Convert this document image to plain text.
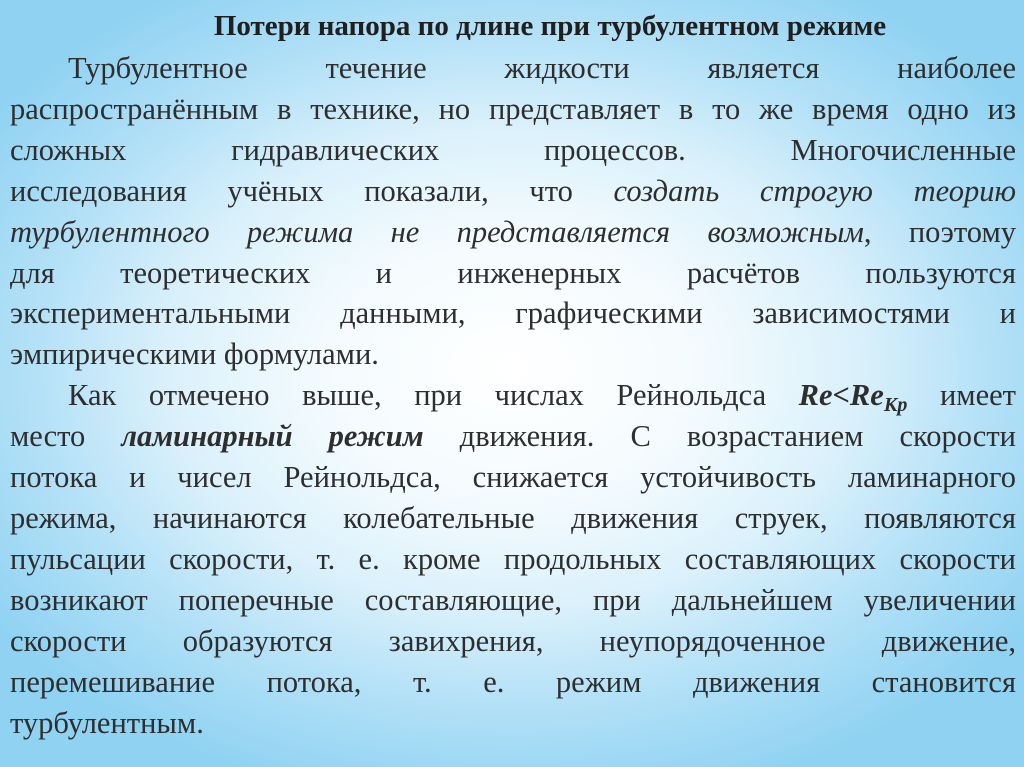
Потери напора по длине при турбулентном режиме
Турбулентное течение жидкости является наиболее
распространённым в технике, но представляет в то же время одно из
сложных гидравлических процессов. Многочисленные
исследования учёных показали, что создать строгую теорию
турбулентного режима не представляется возможным, поэтому
для теоретических и инженерных расчётов пользуются
экспериментальными данными, графическими зависимостями и
эмпирическими формулами.
Как отмечено выше, при числах Рейнольдса $Re<Re_{Кр}$ имеет
место ламинарный режим движения. С возрастанием скорости
потока и чисел Рейнольдса, снижается устойчивость ламинарного
режима, начинаются колебательные движения струек, появляются
пульсации скорости, т. е. кроме продольных составляющих скорости
возникают поперечные составляющие, при дальнейшем увеличении
скорости образуются завихрения, неупорядоченное движение,
перемешивание потока, т. е. режим движения становится
турбулентным.
